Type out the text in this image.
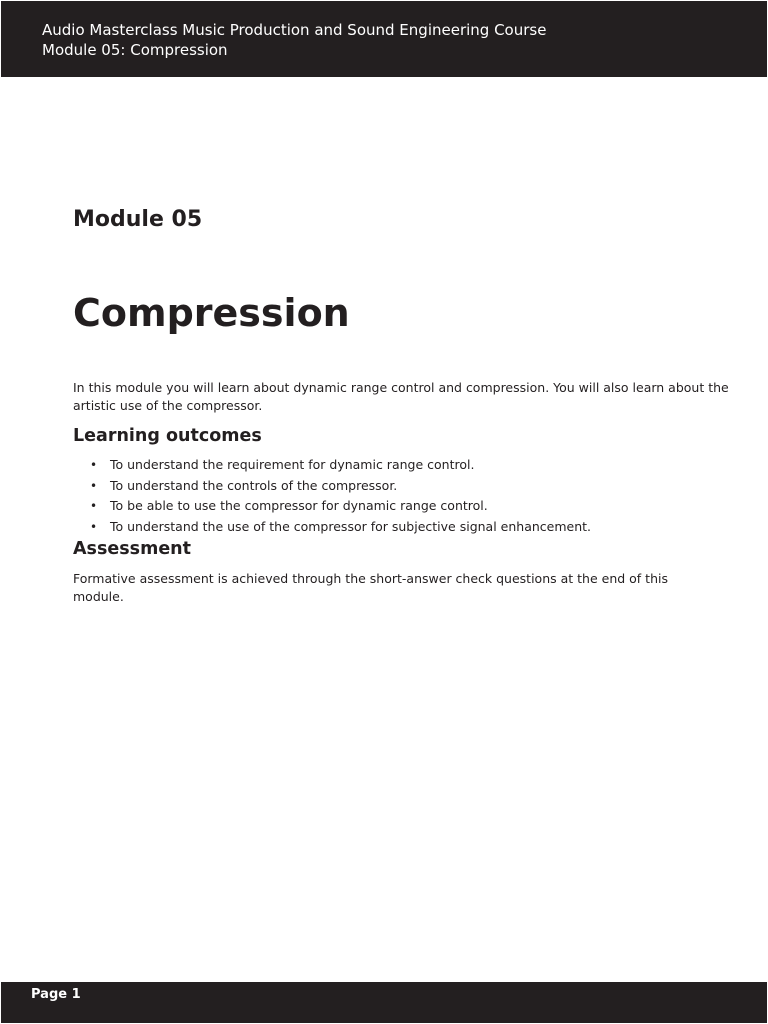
Audio Masterclass Music Production and Sound Engineering Course
Module 05: Compression
Module 05
Compression
In this module you will learn about dynamic range control and compression. You will also learn about the artistic use of the compressor.
Learning outcomes
• To understand the requirement for dynamic range control.
• To understand the controls of the compressor.
• To be able to use the compressor for dynamic range control.
• To understand the use of the compressor for subjective signal enhancement.
Assessment
Formative assessment is achieved through the short-answer check questions at the end of this module.
Page 1
